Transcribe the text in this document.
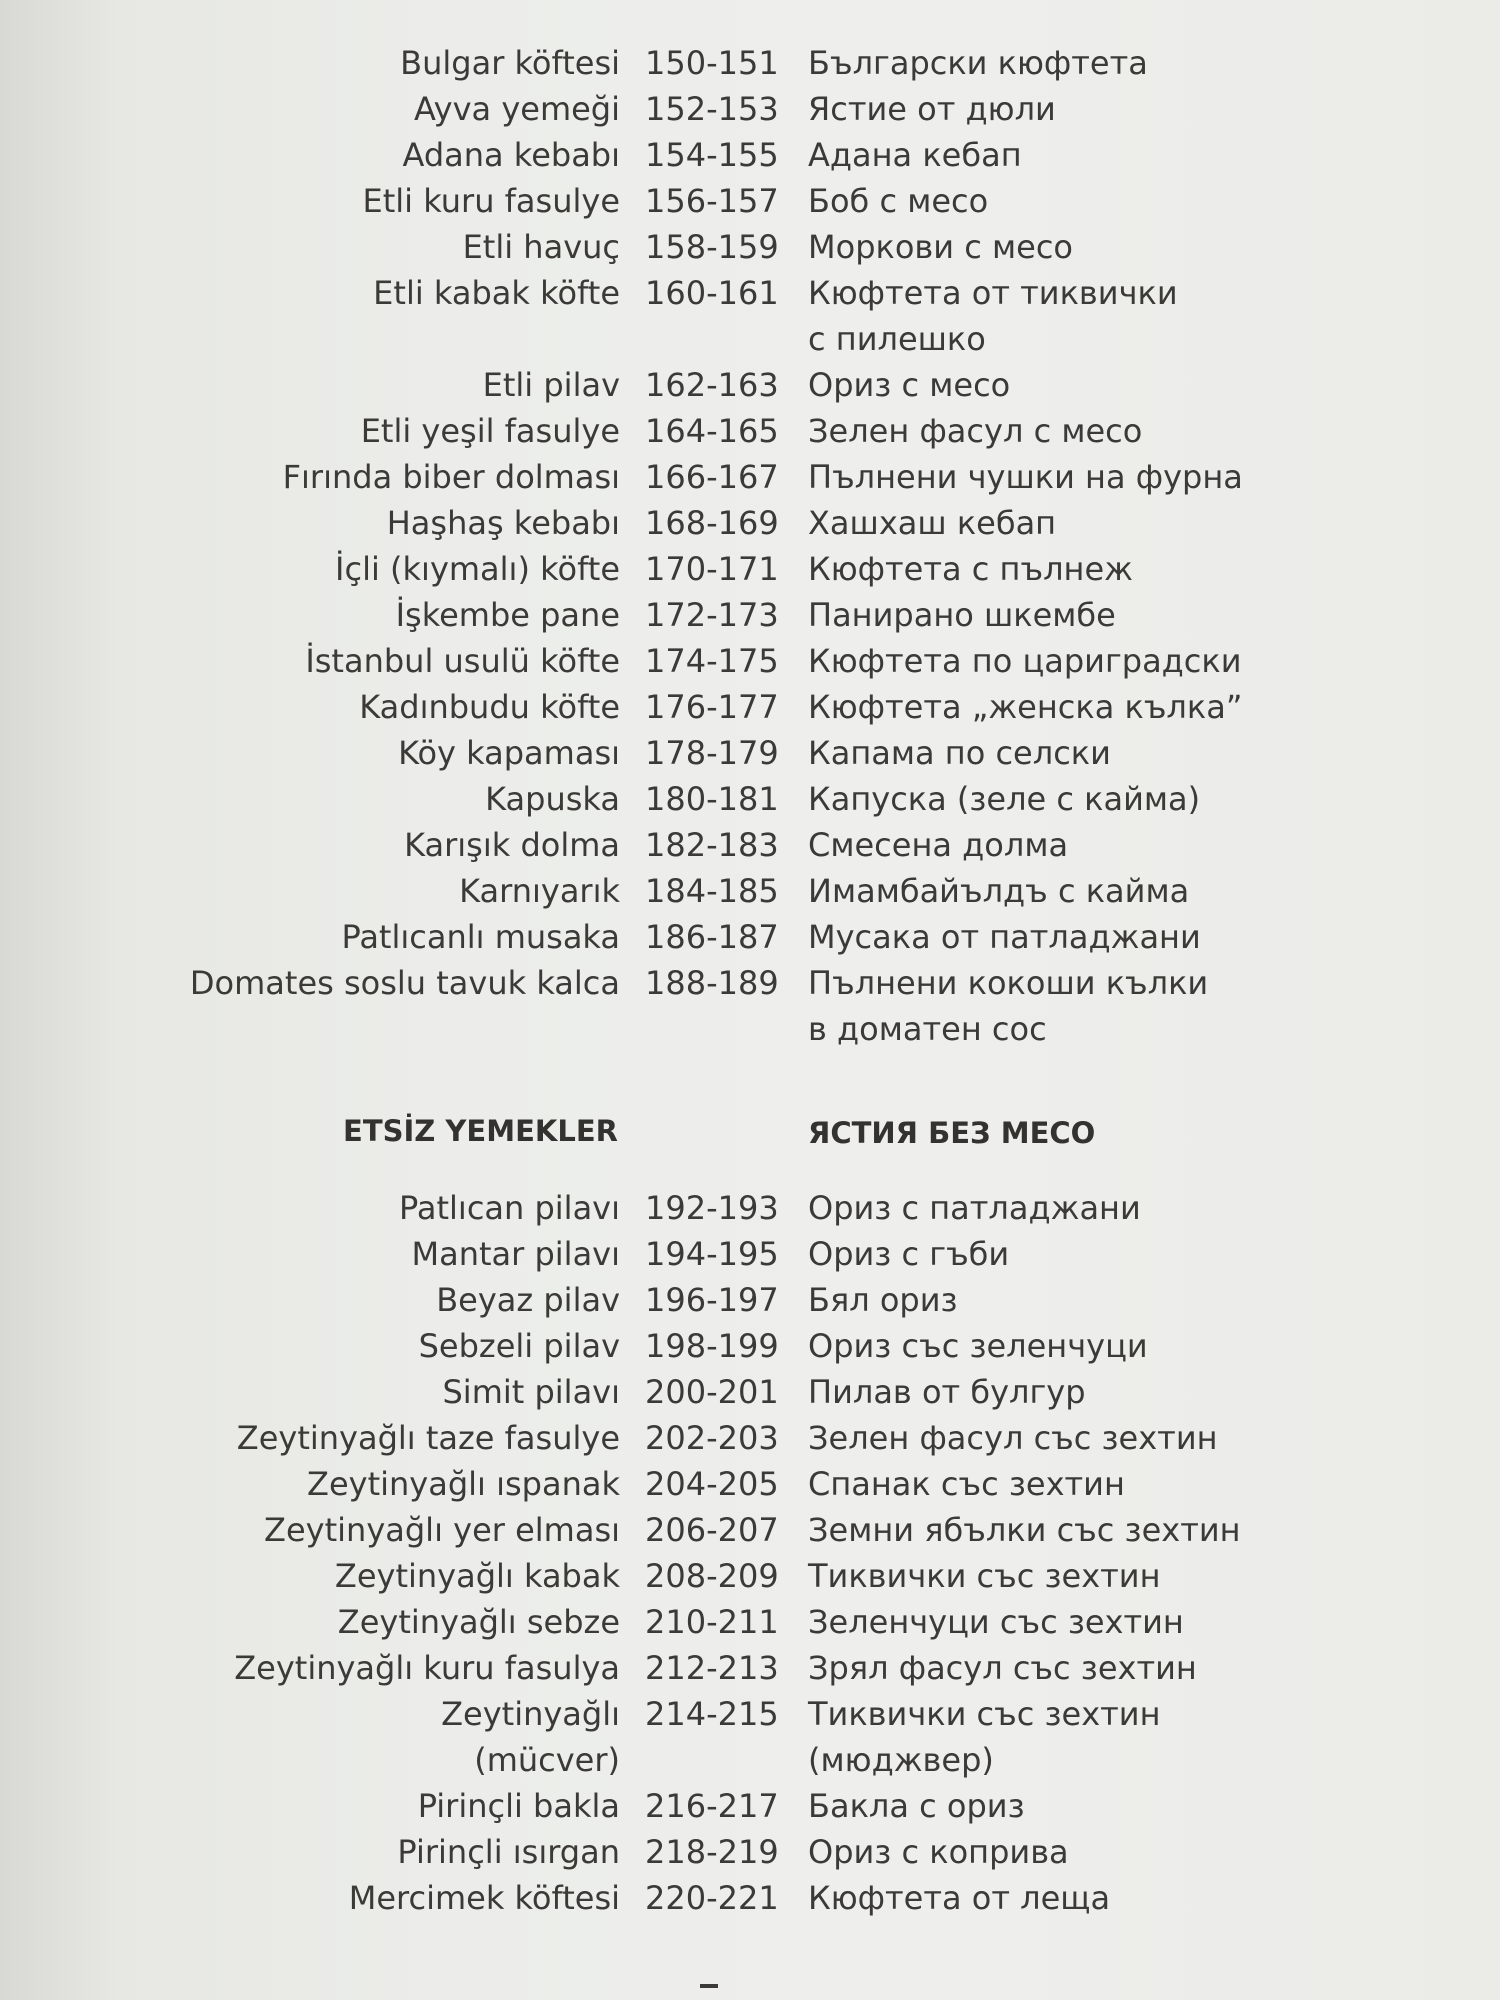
Bulgar köftesi 150-151 Български кюфтета
Ayva yemeği 152-153 Ястие от дюли
Adana kebabı 154-155 Адана кебап
Etli kuru fasulye 156-157 Боб с месо
Etli havuç 158-159 Моркови с месо
Etli kabak köfte 160-161 Кюфтета от тиквички
с пилешко
Etli pilav 162-163 Ориз с месо
Etli yeşil fasulye 164-165 Зелен фасул с месо
Fırında biber dolması 166-167 Пълнени чушки на фурна
Haşhaş kebabı 168-169 Хашхаш кебап
İçli (kıymalı) köfte 170-171 Кюфтета с пълнеж
İşkembe pane 172-173 Панирано шкембе
İstanbul usulü köfte 174-175 Кюфтета по цариградски
Kadınbudu köfte 176-177 Кюфтета „женска кълка”
Köy kapaması 178-179 Капама по селски
Kapuska 180-181 Капуска (зеле с кайма)
Karışık dolma 182-183 Смесена долма
Karnıyarık 184-185 Имамбайълдъ с кайма
Patlıcanlı musaka 186-187 Мусака от патладжани
Domates soslu tavuk kalca 188-189 Пълнени кокоши кълки
в доматен сос
ETSİZ YEMEKLER	ЯСТИЯ БЕЗ МЕСО
Patlıcan pilavı 192-193 Ориз с патладжани
Mantar pilavı 194-195 Ориз с гъби
Beyaz pilav 196-197 Бял ориз
Sebzeli pilav 198-199 Ориз със зеленчуци
Simit pilavı 200-201 Пилав от булгур
Zeytinyağlı taze fasulye 202-203 Зелен фасул със зехтин
Zeytinyağlı ıspanak 204-205 Спанак със зехтин
Zeytinyağlı yer elması 206-207 Земни ябълки със зехтин
Zeytinyağlı kabak 208-209 Тиквички със зехтин
Zeytinyağlı sebze 210-211 Зеленчуци със зехтин
Zeytinyağlı kuru fasulya 212-213 Зрял фасул със зехтин
Zeytinyağlı 214-215 Тиквички със зехтин
(mücver)	(мюджвер)
Pirinçli bakla 216-217 Бакла с ориз
Pirinçli ısırgan 218-219 Ориз с коприва
Mercimek köftesi 220-221 Кюфтета от леща
